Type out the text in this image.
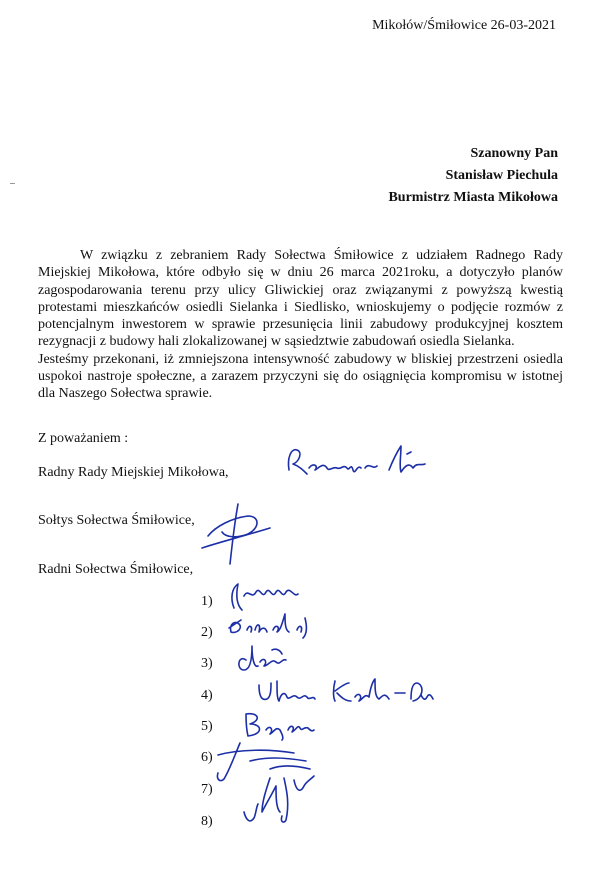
Mikołów/Śmiłowice 26-03-2021
Szanowny Pan
Stanisław Piechula
Burmistrz Miasta Mikołowa

W związku z zebraniem Rady Sołectwa Śmiłowice z udziałem Radnego Rady Miejskiej Mikołowa, które odbyło się w dniu 26 marca 2021roku, a dotyczyło planów zagospodarowania terenu przy ulicy Gliwickiej oraz związanymi z powyższą kwestią protestami mieszkańców osiedli Sielanka i Siedlisko, wnioskujemy o podjęcie rozmów z potencjalnym inwestorem w sprawie przesunięcia linii zabudowy produkcyjnej kosztem rezygnacji z budowy hali zlokalizowanej w sąsiedztwie zabudowań osiedla Sielanka.

Jesteśmy przekonani, iż zmniejszona intensywność zabudowy w bliskiej przestrzeni osiedla uspokoi nastroje społeczne, a zarazem przyczyni się do osiągnięcia kompromisu w istotnej dla Naszego Sołectwa sprawie.

Z poważaniem :
Radny Rady Miejskiej Mikołowa,
Sołtys Sołectwa Śmiłowice,
Radni Sołectwa Śmiłowice,
1)
2)
3)
4)
5)
6)
7)
8)
